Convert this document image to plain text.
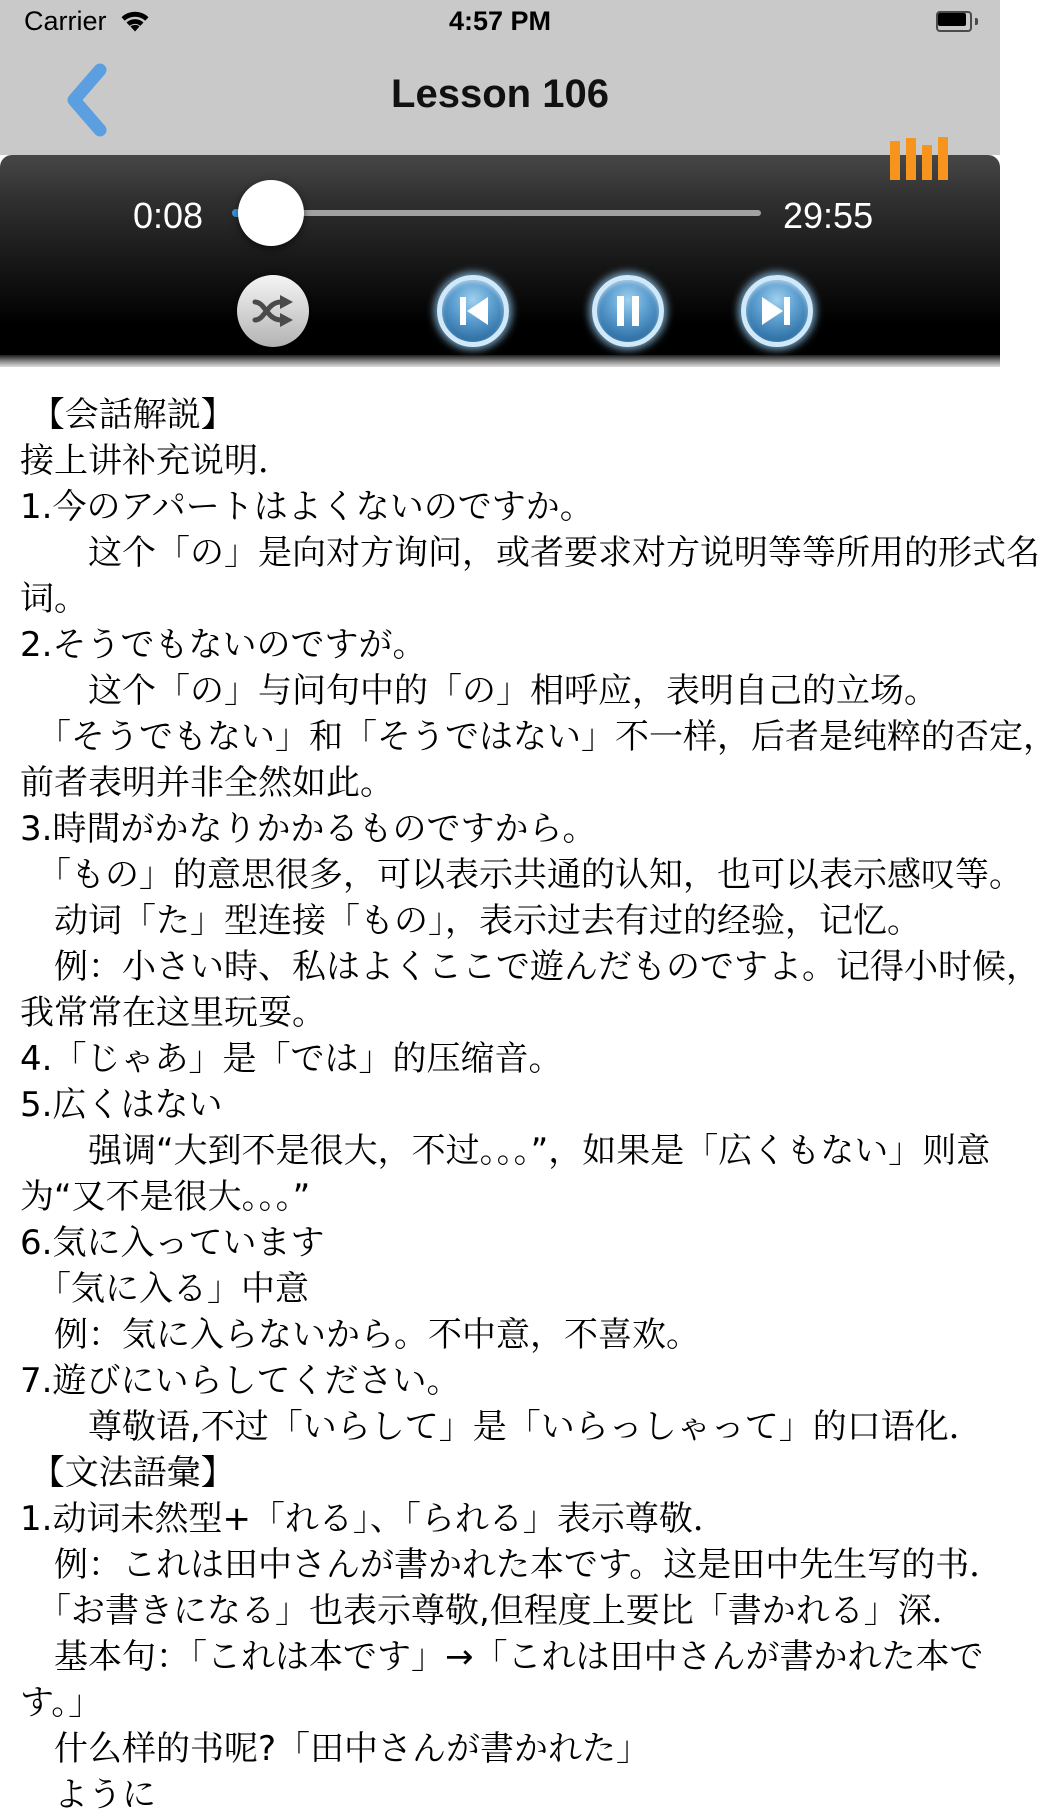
Carrier	4:57 PM
Lesson 106
0:08	29:55

【会話解説】

接上讲补充说明．

1.今のアパートはよくないのですか。

　　这个「の」是向对方询问，或者要求对方说明等等所用的形式名

词。

2.そうでもないのですが。

　　这个「の」与问句中的「の」相呼应，表明自己的立场。

　「そうでもない」和「そうではない」不一样，后者是纯粹的否定，

前者表明并非全然如此。

3.時間がかなりかかるものですから。

　「もの」的意思很多，可以表示共通的认知，也可以表示感叹等。

　动词「た」型连接「もの」，表示过去有过的经验，记忆。

　例：小さい時、私はよくここで遊んだものですよ。记得小时候，

我常常在这里玩耍。

4.「じゃあ」是「では」的压缩音。

5.広くはない

　　强调“大到不是很大，不过。。。”，如果是「広くもない」则意

为“又不是很大。。。”

6.気に入っています

　「気に入る」中意

　例：気に入らないから。不中意，不喜欢。

7.遊びにいらしてください。

　　尊敬语,不过「いらして」是「いらっしゃって」的口语化．

【文法語彙】

1.动词未然型+「れる」、「られる」表示尊敬．

　例：これは田中さんが書かれた本です。这是田中先生写的书．

　「お書きになる」也表示尊敬,但程度上要比「書かれる」深．

　基本句：「これは本です」→「これは田中さんが書かれた本で

す。」

　什么样的书呢?「田中さんが書かれた」

　ように
